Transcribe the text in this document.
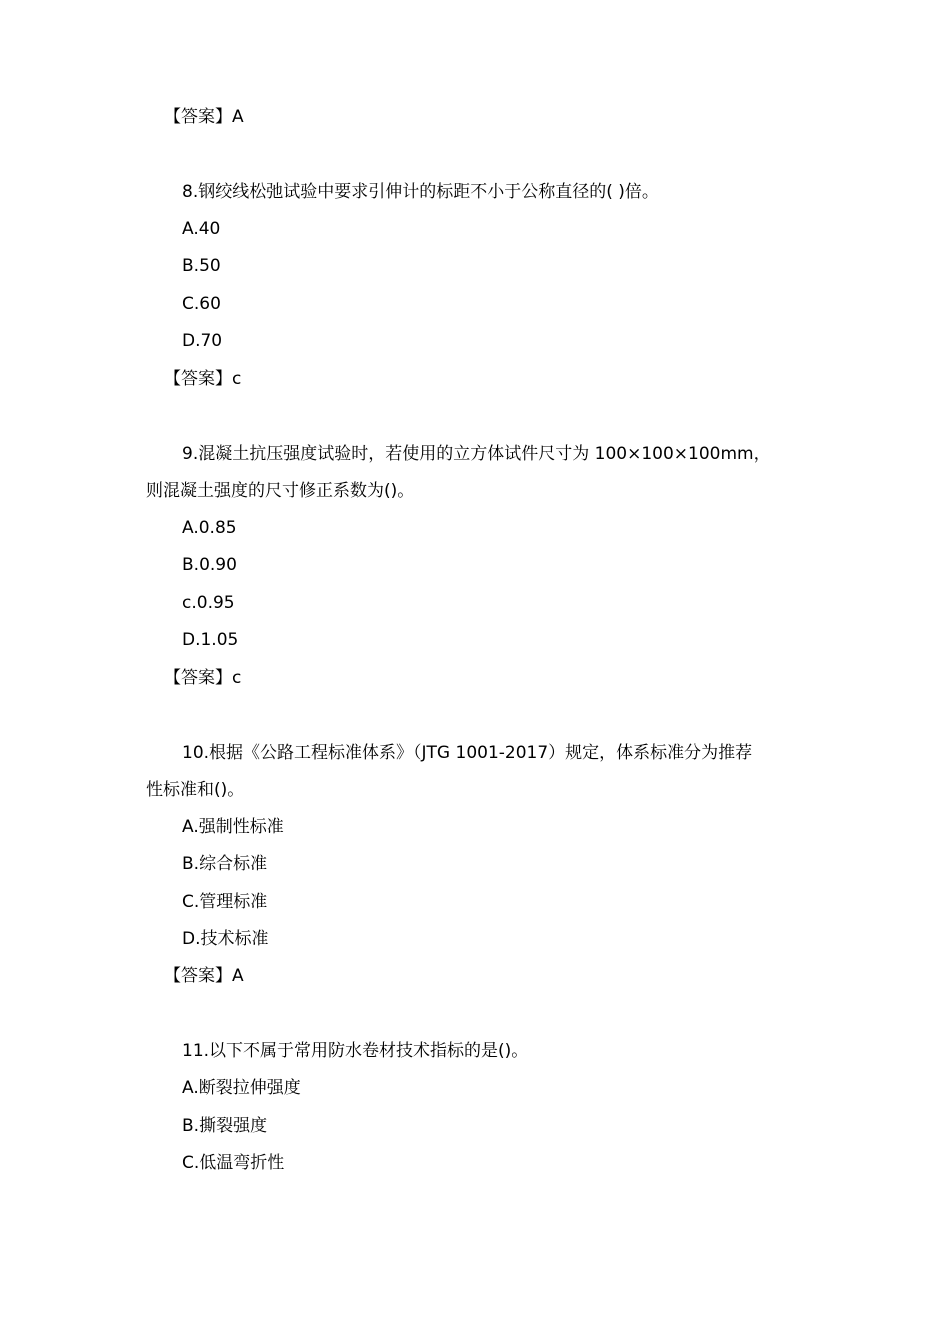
【答案】A
8.钢绞线松弛试验中要求引伸计的标距不小于公称直径的( )倍。
A.40
B.50
C.60
D.70
【答案】c
9.混凝土抗压强度试验时，若使用的立方体试件尺寸为 100×100×100mm，
则混凝土强度的尺寸修正系数为()。
A.0.85
B.0.90
c.0.95
D.1.05
【答案】c
10.根据《公路工程标准体系》（JTG 1001-2017）规定，体系标准分为推荐
性标准和()。
A.强制性标准
B.综合标准
C.管理标准
D.技术标准
【答案】A
11.以下不属于常用防水卷材技术指标的是()。
A.断裂拉伸强度
B.撕裂强度
C.低温弯折性
